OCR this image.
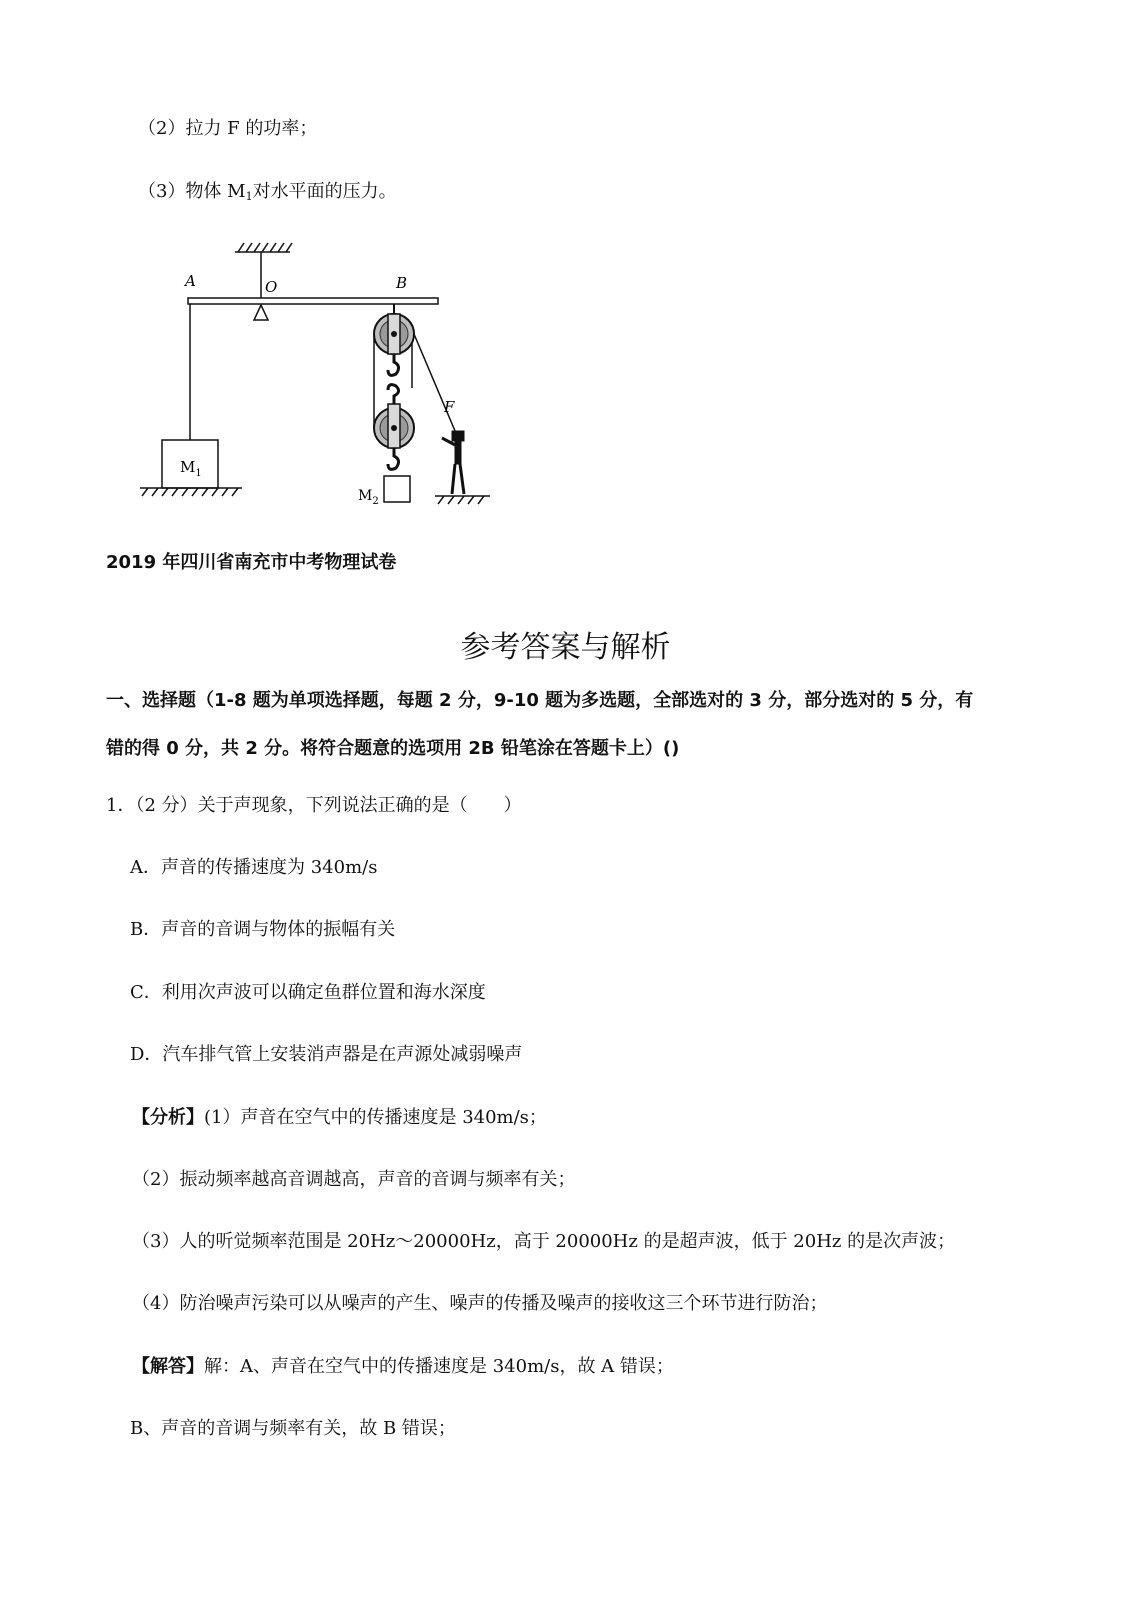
（2）拉力 F 的功率；
（3）物体 $M_1$对水平面的压力。
A	O	B
$M_1$
F
$M_2$
2019 年四川省南充市中考物理试卷
参考答案与解析
一、选择题（1-8 题为单项选择题，每题 2 分，9-10 题为多选题，全部选对的 3 分，部分选对的 5 分，有
错的得 0 分，共 2 分。将符合题意的选项用 2B 铅笔涂在答题卡上）()
1．（2 分）关于声现象，下列说法正确的是（　　）
A．声音的传播速度为 340m/s
B．声音的音调与物体的振幅有关
C．利用次声波可以确定鱼群位置和海水深度
D．汽车排气管上安装消声器是在声源处减弱噪声
【分析】(1）声音在空气中的传播速度是 340m/s；
（2）振动频率越高音调越高，声音的音调与频率有关；
（3）人的听觉频率范围是 20Hz～20000Hz，高于 20000Hz 的是超声波，低于 20Hz 的是次声波；
（4）防治噪声污染可以从噪声的产生、噪声的传播及噪声的接收这三个环节进行防治；
【解答】解：A、声音在空气中的传播速度是 340m/s，故 A 错误；
B、声音的音调与频率有关，故 B 错误；
